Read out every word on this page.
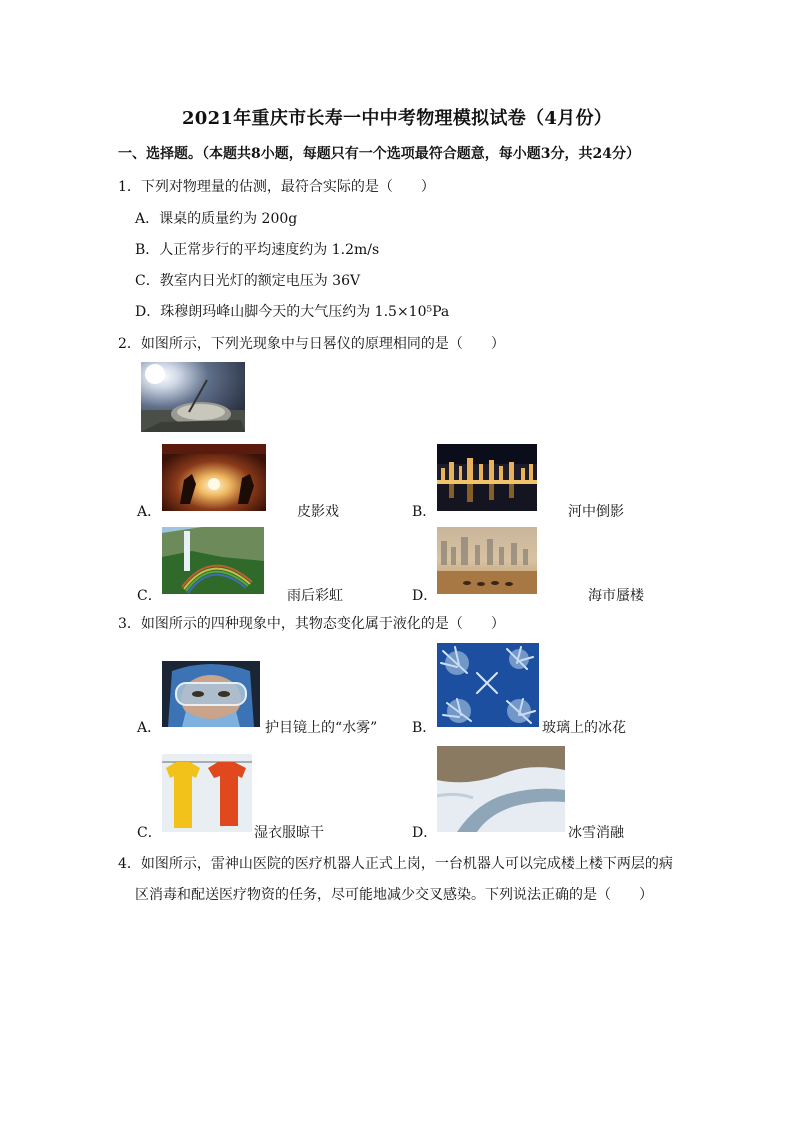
2021年重庆市长寿一中中考物理模拟试卷（4月份）
一、选择题。（本题共8小题，每题只有一个选项最符合题意，每小题3分，共24分）
1．下列对物理量的估测，最符合实际的是（　　）
A．课桌的质量约为 200g
B．人正常步行的平均速度约为 1.2m/s
C．教室内日光灯的额定电压为 36V
D．珠穆朗玛峰山脚今天的大气压约为 1.5×10⁵Pa
2．如图所示，下列光现象中与日晷仪的原理相同的是（　　）
A．	皮影戏	B．	河中倒影
C．	雨后彩虹	D．	海市蜃楼
3．如图所示的四种现象中，其物态变化属于液化的是（　　）
A．	护目镜上的“水雾” B．	玻璃上的冰花
C．	湿衣服晾干	D．	冰雪消融
4．如图所示，雷神山医院的医疗机器人正式上岗，一台机器人可以完成楼上楼下两层的病
区消毒和配送医疗物资的任务，尽可能地减少交叉感染。下列说法正确的是（　　）
